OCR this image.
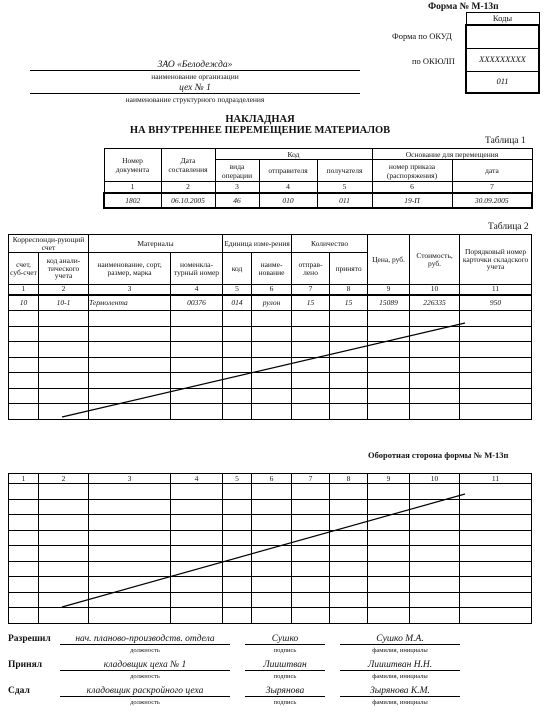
Форма № М-13п
Коды

XXXXXXXXX
011
Форма по ОКУД
по ОКЮЛП
ЗАО «Белодежда»
наименование организации
цех № 1
наименование структурного подразделения
НАКЛАДНАЯ
НА ВНУТРЕННЕЕ ПЕРЕМЕЩЕНИЕ МАТЕРИАЛОВ
Таблица 1
Номер документа	Дата составления	Код			Основание для перемещения	
		вида операции	отправителя	получателя	номер приказа (распоряжения)	дата
1	2	3	4	5	6	7
1802	06.10.2005	46	010	011	19-П	30.09.2005
Таблица 2
Корреспонди-рующий счет		Материалы		Единица изме-рения		Количество		Цена, руб.	Стоимость, руб.	Порядковый номер карточки складского учета
счет, суб-счет	код анали-тического учета	наименование, сорт, размер, марка	номенкла-турный номер	код	наиме-нование	отправ-лено	принято			
1	2	3	4	5	6	7	8	9	10	11
10	10-1	Термолента	00376	014	рулон	15	15	15089	226335	950

Оборотная сторона формы № М-13п
1	2	3	4	5	6	7	8	9	10	11

Разрешил	нач. планово-производств. отдела
должность
Сушко
подпись
Сушко М.А.
фамилия, инициалы
Принял	кладовщик цеха № 1
должность
Лииштван
подпись
Лииштван Н.Н.
фамилия, инициалы
Сдал	кладовщик раскройного цеха
должность
Зырянова
подпись
Зырянова К.М.
фамилия, инициалы
